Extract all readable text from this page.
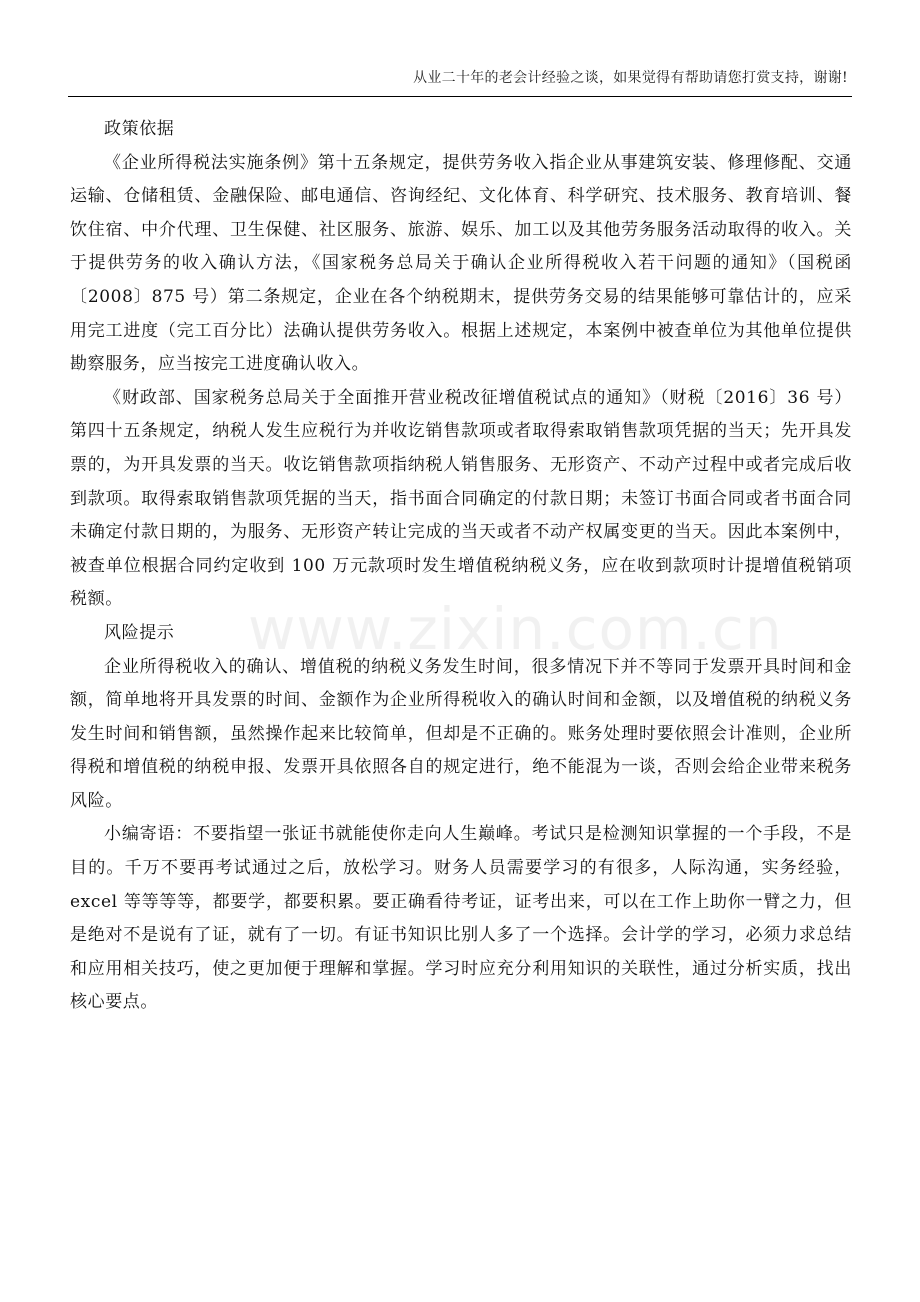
从业二十年的老会计经验之谈，如果觉得有帮助请您打赏支持，谢谢!

政策依据

《企业所得税法实施条例》第十五条规定，提供劳务收入指企业从事建筑安装、修理修配、交通运输、仓储租赁、金融保险、邮电通信、咨询经纪、文化体育、科学研究、技术服务、教育培训、餐饮住宿、中介代理、卫生保健、社区服务、旅游、娱乐、加工以及其他劳务服务活动取得的收入。关于提供劳务的收入确认方法，《国家税务总局关于确认企业所得税收入若干问题的通知》（国税函〔2008〕875 号）第二条规定，企业在各个纳税期末，提供劳务交易的结果能够可靠估计的，应采用完工进度（完工百分比）法确认提供劳务收入。根据上述规定，本案例中被查单位为其他单位提供勘察服务，应当按完工进度确认收入。

《财政部、国家税务总局关于全面推开营业税改征增值税试点的通知》（财税〔2016〕36 号）第四十五条规定，纳税人发生应税行为并收讫销售款项或者取得索取销售款项凭据的当天；先开具发票的，为开具发票的当天。收讫销售款项指纳税人销售服务、无形资产、不动产过程中或者完成后收到款项。取得索取销售款项凭据的当天，指书面合同确定的付款日期；未签订书面合同或者书面合同未确定付款日期的，为服务、无形资产转让完成的当天或者不动产权属变更的当天。因此本案例中，被查单位根据合同约定收到 100 万元款项时发生增值税纳税义务，应在收到款项时计提增值税销项税额。

风险提示

企业所得税收入的确认、增值税的纳税义务发生时间，很多情况下并不等同于发票开具时间和金额，简单地将开具发票的时间、金额作为企业所得税收入的确认时间和金额，以及增值税的纳税义务发生时间和销售额，虽然操作起来比较简单，但却是不正确的。账务处理时要依照会计准则，企业所得税和增值税的纳税申报、发票开具依照各自的规定进行，绝不能混为一谈，否则会给企业带来税务风险。

小编寄语：不要指望一张证书就能使你走向人生巅峰。考试只是检测知识掌握的一个手段，不是目的。千万不要再考试通过之后，放松学习。财务人员需要学习的有很多，人际沟通，实务经验，excel 等等等等，都要学，都要积累。要正确看待考证，证考出来，可以在工作上助你一臂之力，但是绝对不是说有了证，就有了一切。有证书知识比别人多了一个选择。会计学的学习，必须力求总结和应用相关技巧，使之更加便于理解和掌握。学习时应充分利用知识的关联性，通过分析实质，找出核心要点。

www.zixin.com.cn
